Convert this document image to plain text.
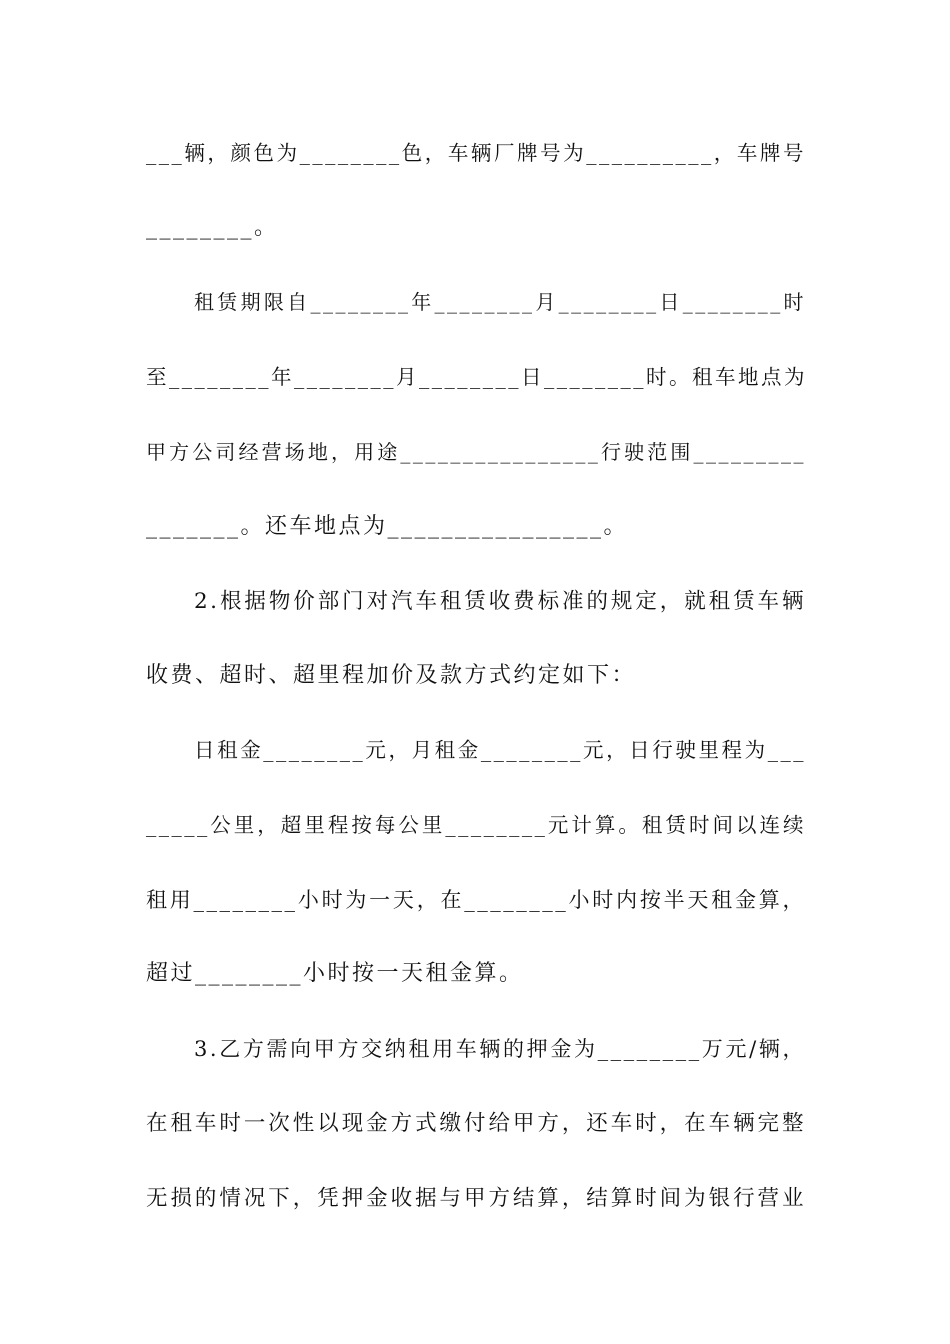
___辆，颜色为________色，车辆厂牌号为__________，车牌号
________。
租赁期限自________年________月________日________时
至________年________月________日________时。租车地点为
甲方公司经营场地，用途________________行驶范围_________
_______。还车地点为________________。
2.根据物价部门对汽车租赁收费标准的规定，就租赁车辆
收费、超时、超里程加价及款方式约定如下：
日租金________元，月租金________元，日行驶里程为___
_____公里，超里程按每公里________元计算。租赁时间以连续
租用________小时为一天，在________小时内按半天租金算，
超过________小时按一天租金算。
3.乙方需向甲方交纳租用车辆的押金为________万元/辆，
在租车时一次性以现金方式缴付给甲方，还车时，在车辆完整
无损的情况下，凭押金收据与甲方结算，结算时间为银行营业
